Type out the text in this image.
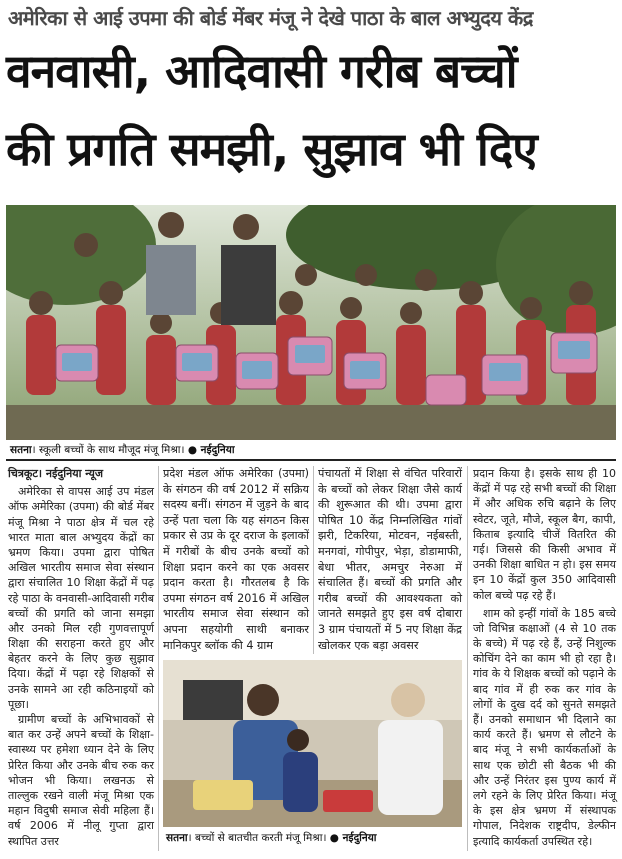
अमेरिका से आई उपमा की बोर्ड मेंबर मंजू ने देखे पाठा के बाल अभ्युदय केंद्र
वनवासी, आदिवासी गरीब बच्चों
की प्रगति समझी, सुझाव भी दिए
सतना। स्कूली बच्चों के साथ मौजूद मंजू मिश्रा। ● नईदुनिया
चित्रकूट। नईदुनिया न्यूज

अमेरिका से वापस आई उप मंडल ऑफ अमेरिका (उपमा) की बोर्ड मेंबर मंजू मिश्रा ने पाठा क्षेत्र में चल रहे भारत माता बाल अभ्युदय केंद्रों का भ्रमण किया। उपमा द्वारा पोषित अखिल भारतीय समाज सेवा संस्थान द्वारा संचालित 10 शिक्षा केंद्रों में पढ़ रहे पाठा के वनवासी-आदिवासी गरीब बच्चों की प्रगति को जाना समझा और उनको मिल रही गुणवत्तापूर्ण शिक्षा की सराहना करते हुए और बेहतर करने के लिए कुछ सुझाव दिया। केंद्रों में पढ़ा रहे शिक्षकों से उनके सामने आ रही कठिनाइयों को पूछा।

ग्रामीण बच्चों के अभिभावकों से बात कर उन्हें अपने बच्चों के शिक्षा-स्वास्थ्य पर हमेशा ध्यान देने के लिए प्रेरित किया और उनके बीच रुक कर भोजन भी किया। लखनऊ से ताल्लुक रखने वाली मंजू मिश्रा एक महान विदुषी समाज सेवी महिला हैं। वर्ष 2006 में नीलू गुप्ता द्वारा स्थापित उत्तर

प्रदेश मंडल ऑफ अमेरिका (उपमा) के संगठन की वर्ष 2012 में सक्रिय सदस्य बनीं। संगठन में जुड़ने के बाद उन्हें पता चला कि यह संगठन किस प्रकार से उप्र के दूर दराज के इलाकों में गरीबों के बीच उनके बच्चों को शिक्षा प्रदान करने का एक अवसर प्रदान करता है। गौरतलब है कि उपमा संगठन वर्ष 2016 में अखिल भारतीय समाज सेवा संस्थान को अपना सहयोगी साथी बनाकर मानिकपुर ब्लॉक की 4 ग्राम

पंचायतों में शिक्षा से वंचित परिवारों के बच्चों को लेकर शिक्षा जैसे कार्य की शुरूआत की थी। उपमा द्वारा पोषित 10 केंद्र निम्नलिखित गांवों झरी, टिकरिया, मोटवन, नईबस्ती, मनगवां, गोपीपुर, भेड़ा, डोडामाफी, बेधा भीतर, अमचुर नेरुआ में संचालित हैं। बच्चों की प्रगति और गरीब बच्चों की आवश्यकता को जानते समझते हुए इस वर्ष दोबारा 3 ग्राम पंचायतों में 5 नए शिक्षा केंद्र खोलकर एक बड़ा अवसर

प्रदान किया है। इसके साथ ही 10 केंद्रों में पढ़ रहे सभी बच्चों की शिक्षा में और अधिक रुचि बढ़ाने के लिए स्वेटर, जूते, मौजे, स्कूल बैग, कापी, किताब इत्यादि चीजें वितरित की गई। जिससे की किसी अभाव में उनकी शिक्षा बाधित न हो। इस समय इन 10 केंद्रों कुल 350 आदिवासी कोल बच्चे पढ़ रहे हैं।

शाम को इन्हीं गांवों के 185 बच्चे जो विभिन्न कक्षाओं (4 से 10 तक के बच्चे) में पढ़ रहे हैं, उन्हें निशुल्क कोचिंग देने का काम भी हो रहा है। गांव के ये शिक्षक बच्चों को पढ़ाने के बाद गांव में ही रुक कर गांव के लोगों के दुख दर्द को सुनते समझते हैं। उनको समाधान भी दिलाने का कार्य करते हैं। भ्रमण से लौटने के बाद मंजू ने सभी कार्यकर्ताओं के साथ एक छोटी सी बैठक भी की और उन्हें निरंतर इस पुण्य कार्य में लगे रहने के लिए प्रेरित किया। मंजू के इस क्षेत्र भ्रमण में संस्थापक गोपाल, निदेशक राष्ट्रदीप, डेल्फीन इत्यादि कार्यकर्ता उपस्थित रहे।

सतना। बच्चों से बातचीत करती मंजू मिश्रा। ● नईदुनिया
